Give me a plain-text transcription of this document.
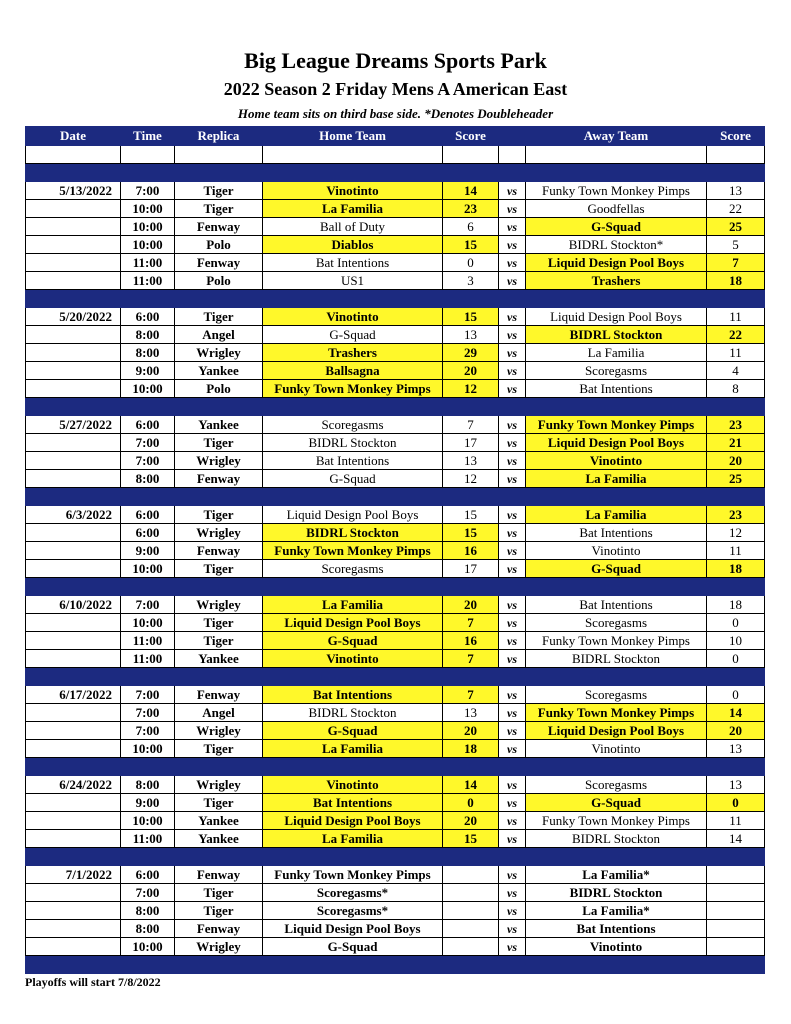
Big League Dreams Sports Park
2022 Season 2 Friday Mens A American East
Home team sits on third base side. *Denotes Doubleheader
Date	Time	Replica	Home Team	Score		Away Team	Score

5/13/2022	7:00	Tiger	Vinotinto	14	vs	Funky Town Monkey Pimps	13
	10:00	Tiger	La Familia	23	vs	Goodfellas	22
	10:00	Fenway	Ball of Duty	6	vs	G-Squad	25
	10:00	Polo	Diablos	15	vs	BIDRL Stockton*	5
	11:00	Fenway	Bat Intentions	0	vs	Liquid Design Pool Boys	7
	11:00	Polo	US1	3	vs	Trashers	18

5/20/2022	6:00	Tiger	Vinotinto	15	vs	Liquid Design Pool Boys	11
	8:00	Angel	G-Squad	13	vs	BIDRL Stockton	22
	8:00	Wrigley	Trashers	29	vs	La Familia	11
	9:00	Yankee	Ballsagna	20	vs	Scoregasms	4
	10:00	Polo	Funky Town Monkey Pimps	12	vs	Bat Intentions	8

5/27/2022	6:00	Yankee	Scoregasms	7	vs	Funky Town Monkey Pimps	23
	7:00	Tiger	BIDRL Stockton	17	vs	Liquid Design Pool Boys	21
	7:00	Wrigley	Bat Intentions	13	vs	Vinotinto	20
	8:00	Fenway	G-Squad	12	vs	La Familia	25

6/3/2022	6:00	Tiger	Liquid Design Pool Boys	15	vs	La Familia	23
	6:00	Wrigley	BIDRL Stockton	15	vs	Bat Intentions	12
	9:00	Fenway	Funky Town Monkey Pimps	16	vs	Vinotinto	11
	10:00	Tiger	Scoregasms	17	vs	G-Squad	18

6/10/2022	7:00	Wrigley	La Familia	20	vs	Bat Intentions	18
	10:00	Tiger	Liquid Design Pool Boys	7	vs	Scoregasms	0
	11:00	Tiger	G-Squad	16	vs	Funky Town Monkey Pimps	10
	11:00	Yankee	Vinotinto	7	vs	BIDRL Stockton	0

6/17/2022	7:00	Fenway	Bat Intentions	7	vs	Scoregasms	0
	7:00	Angel	BIDRL Stockton	13	vs	Funky Town Monkey Pimps	14
	7:00	Wrigley	G-Squad	20	vs	Liquid Design Pool Boys	20
	10:00	Tiger	La Familia	18	vs	Vinotinto	13

6/24/2022	8:00	Wrigley	Vinotinto	14	vs	Scoregasms	13
	9:00	Tiger	Bat Intentions	0	vs	G-Squad	0
	10:00	Yankee	Liquid Design Pool Boys	20	vs	Funky Town Monkey Pimps	11
	11:00	Yankee	La Familia	15	vs	BIDRL Stockton	14

7/1/2022	6:00	Fenway	Funky Town Monkey Pimps		vs	La Familia*	
	7:00	Tiger	Scoregasms*		vs	BIDRL Stockton	
	8:00	Tiger	Scoregasms*		vs	La Familia*	
	8:00	Fenway	Liquid Design Pool Boys		vs	Bat Intentions	
	10:00	Wrigley	G-Squad		vs	Vinotinto	

Playoffs will start 7/8/2022
